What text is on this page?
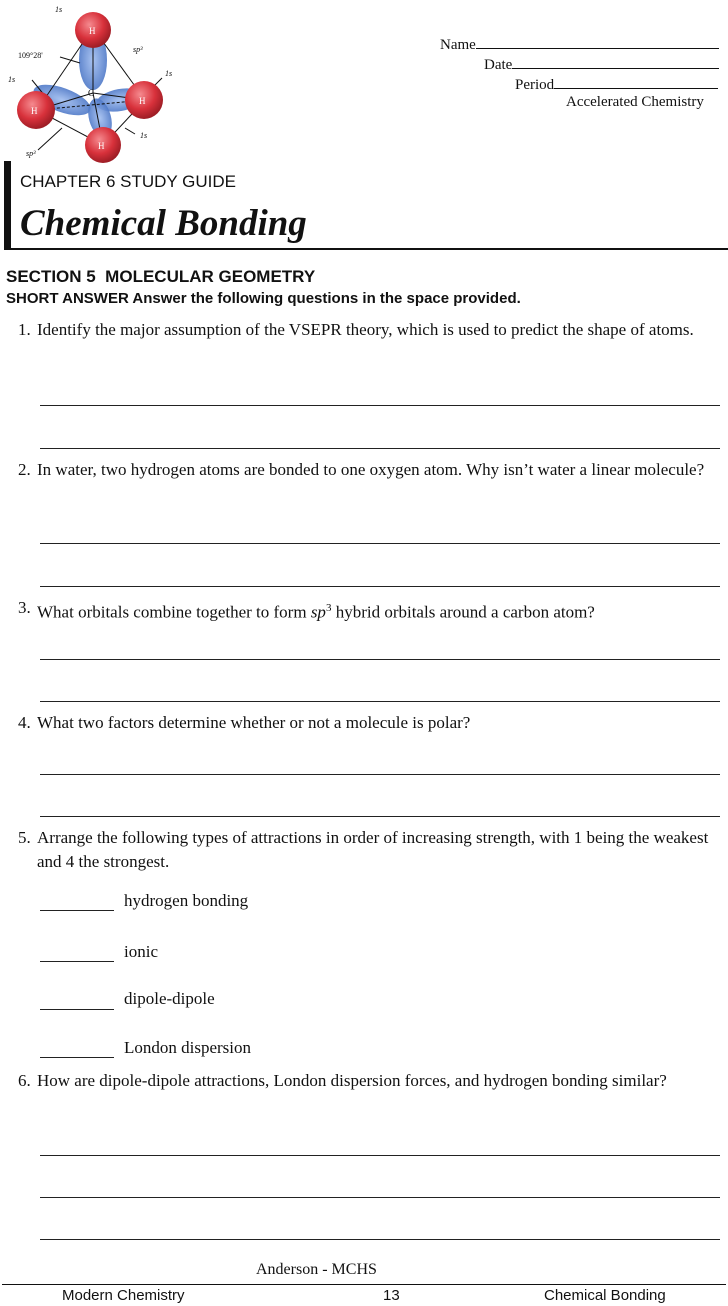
1s
109°28'
sp³
1s
1s
1s
sp³
H
H
H
H
C
Name
Date
Period
Accelerated Chemistry
CHAPTER 6 STUDY GUIDE
Chemical Bonding
SECTION 5  MOLECULAR GEOMETRY
SHORT ANSWER Answer the following questions in the space provided.
1. Identify the major assumption of the VSEPR theory, which is used to predict the shape of atoms.
2. In water, two hydrogen atoms are bonded to one oxygen atom. Why isn’t water a linear molecule?
3. What orbitals combine together to form $sp^3$ hybrid orbitals around a carbon atom?
4. What two factors determine whether or not a molecule is polar?
5. Arrange the following types of attractions in order of increasing strength, with 1 being the weakest and 4 the strongest.
hydrogen bonding
ionic
dipole-dipole
London dispersion
6. How are dipole-dipole attractions, London dispersion forces, and hydrogen bonding similar?
Anderson - MCHS
Modern Chemistry	13	Chemical Bonding
